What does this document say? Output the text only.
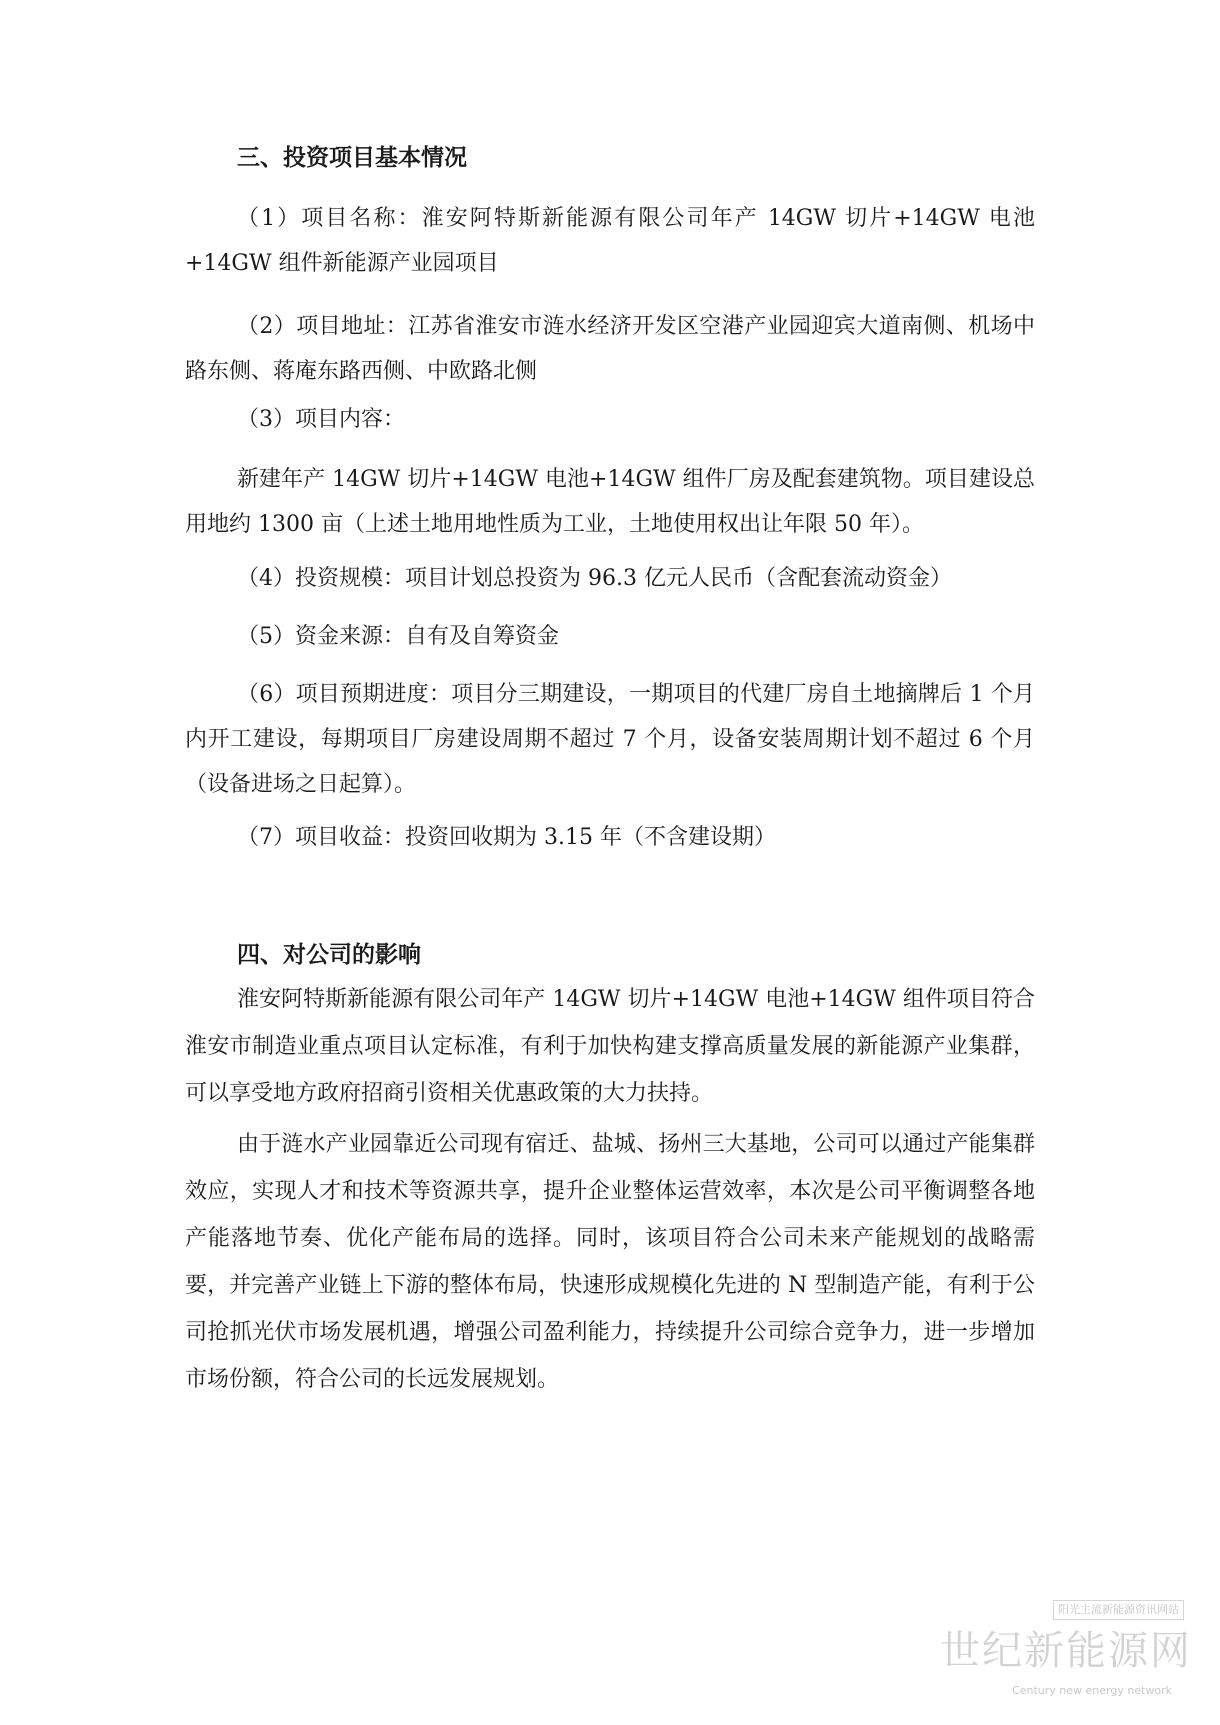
三、投资项目基本情况
（1）项目名称：淮安阿特斯新能源有限公司年产 14GW 切片+14GW 电池+14GW 组件新能源产业园项目
（2）项目地址：江苏省淮安市涟水经济开发区空港产业园迎宾大道南侧、机场中路东侧、蒋庵东路西侧、中欧路北侧
（3）项目内容：
新建年产 14GW 切片+14GW 电池+14GW 组件厂房及配套建筑物。项目建设总用地约 1300 亩（上述土地用地性质为工业，土地使用权出让年限 50 年）。
（4）投资规模：项目计划总投资为 96.3 亿元人民币（含配套流动资金）
（5）资金来源：自有及自筹资金
（6）项目预期进度：项目分三期建设，一期项目的代建厂房自土地摘牌后 1 个月内开工建设，每期项目厂房建设周期不超过 7 个月，设备安装周期计划不超过 6 个月（设备进场之日起算）。
（7）项目收益：投资回收期为 3.15 年（不含建设期）
四、对公司的影响
淮安阿特斯新能源有限公司年产 14GW 切片+14GW 电池+14GW 组件项目符合淮安市制造业重点项目认定标准，有利于加快构建支撑高质量发展的新能源产业集群，可以享受地方政府招商引资相关优惠政策的大力扶持。
由于涟水产业园靠近公司现有宿迁、盐城、扬州三大基地，公司可以通过产能集群效应，实现人才和技术等资源共享，提升企业整体运营效率，本次是公司平衡调整各地产能落地节奏、优化产能布局的选择。同时，该项目符合公司未来产能规划的战略需要，并完善产业链上下游的整体布局，快速形成规模化先进的 N 型制造产能，有利于公司抢抓光伏市场发展机遇，增强公司盈利能力，持续提升公司综合竞争力，进一步增加市场份额，符合公司的长远发展规划。
阳光主流新能源资讯网站
世纪新能源网
Century new energy network
